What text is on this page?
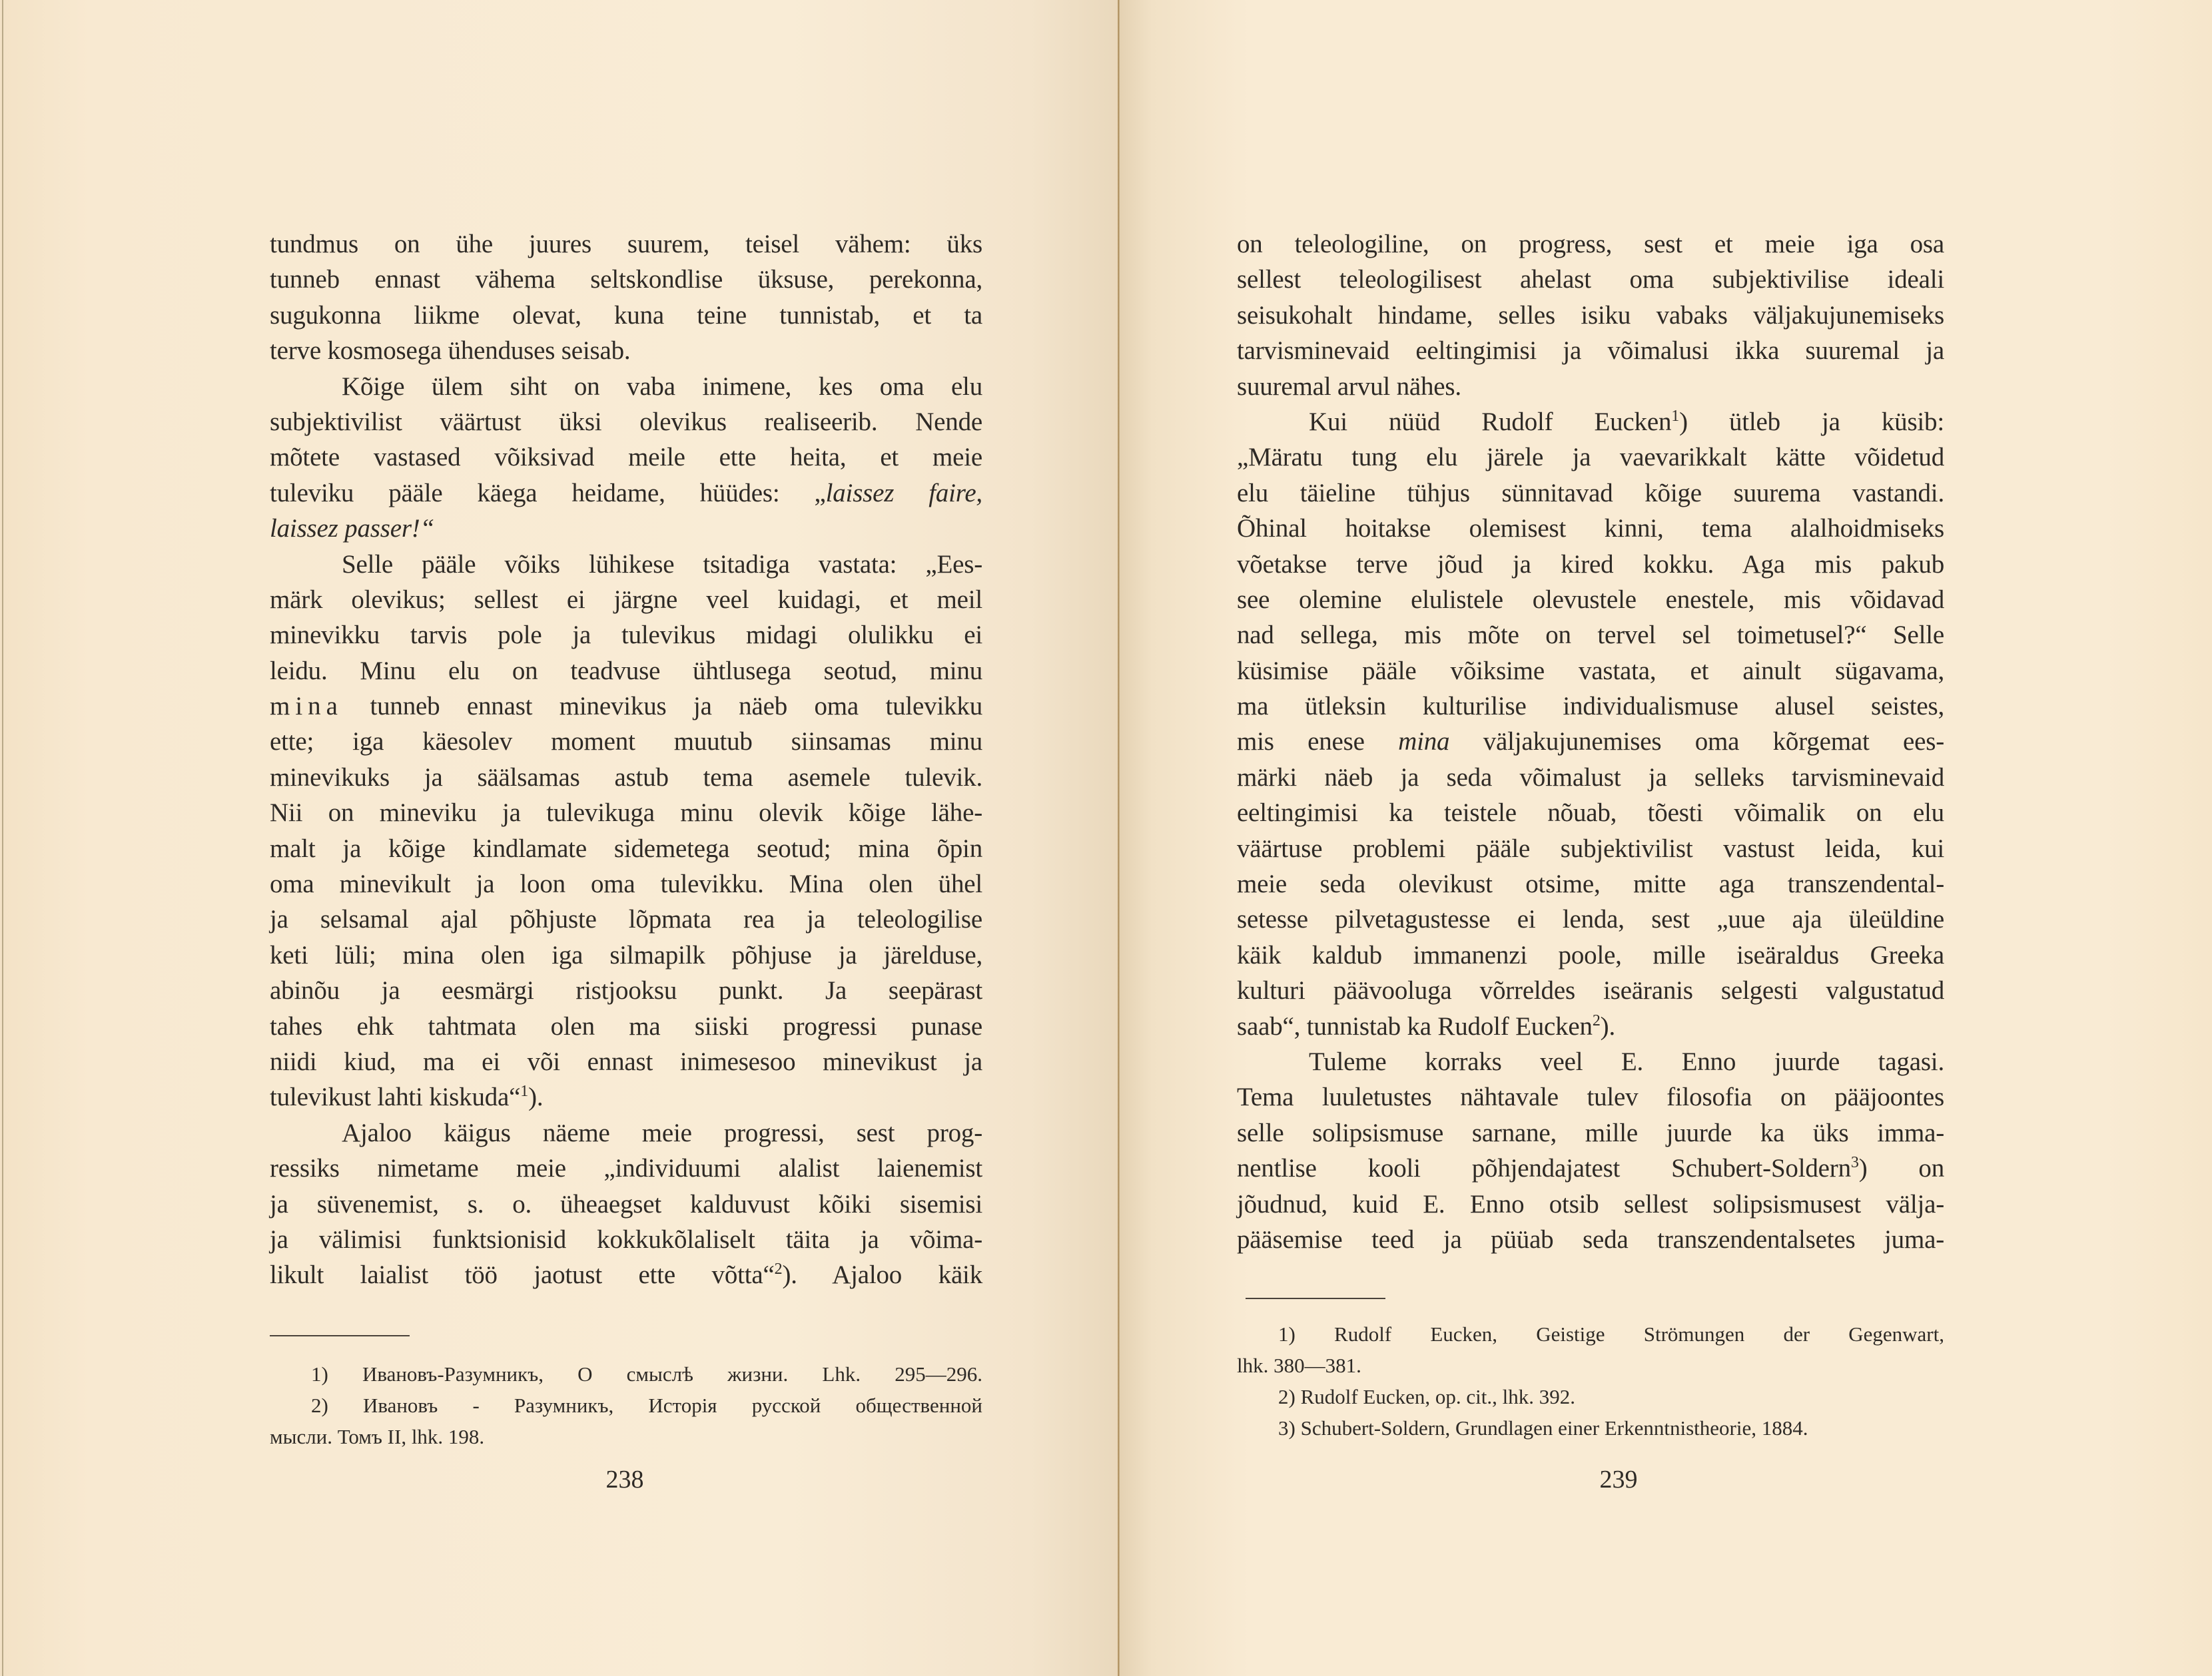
tundmus on ühe juures suurem, teisel vähem: üks
tunneb ennast vähema seltskondlise üksuse, perekonna,
sugukonna liikme olevat, kuna teine tunnistab, et ta
terve kosmosega ühenduses seisab.
Kõige ülem siht on vaba inimene, kes oma elu
subjektivilist väärtust üksi olevikus realiseerib. Nende
mõtete vastased võiksivad meile ette heita, et meie
tuleviku pääle käega heidame, hüüdes: „laissez faire,
laissez passer!“
Selle pääle võiks lühikese tsitadiga vastata: „Ees-
märk olevikus; sellest ei järgne veel kuidagi, et meil
minevikku tarvis pole ja tulevikus midagi olulikku ei
leidu. Minu elu on teadvuse ühtlusega seotud, minu
mina tunneb ennast minevikus ja näeb oma tulevikku
ette; iga käesolev moment muutub siinsamas minu
minevikuks ja säälsamas astub tema asemele tulevik.
Nii on mineviku ja tulevikuga minu olevik kõige lähe-
malt ja kõige kindlamate sidemetega seotud; mina õpin
oma minevikult ja loon oma tulevikku. Mina olen ühel
ja selsamal ajal põhjuste lõpmata rea ja teleologilise
keti lüli; mina olen iga silmapilk põhjuse ja järelduse,
abinõu ja eesmärgi ristjooksu punkt. Ja seepärast
tahes ehk tahtmata olen ma siiski progressi punase
niidi kiud, ma ei või ennast inimesesoo minevikust ja
tulevikust lahti kiskuda“$^1$).
Ajaloo käigus näeme meie progressi, sest prog-
ressiks nimetame meie „individuumi alalist laienemist
ja süvenemist, s. o. üheaegset kalduvust kõiki sisemisi
ja välimisi funktsionisid kokkukõlaliselt täita ja võima-
likult laialist töö jaotust ette võtta“$^2$). Ajaloo käik
1) Ивановъ-Разумникъ, О смыслѣ жизни. Lhk. 295—296.
2) Ивановъ - Разумникъ, Исторія русской общественной
мысли. Томъ II, lhk. 198.
238
on teleologiline, on progress, sest et meie iga osa
sellest teleologilisest ahelast oma subjektivilise ideali
seisukohalt hindame, selles isiku vabaks väljakujunemiseks
tarvisminevaid eeltingimisi ja võimalusi ikka suuremal ja
suuremal arvul nähes.
Kui nüüd Rudolf Eucken$^1$) ütleb ja küsib:
„Märatu tung elu järele ja vaevarikkalt kätte võidetud
elu täieline tühjus sünnitavad kõige suurema vastandi.
Õhinal hoitakse olemisest kinni, tema alalhoidmiseks
võetakse terve jõud ja kired kokku. Aga mis pakub
see olemine elulistele olevustele enestele, mis võidavad
nad sellega, mis mõte on tervel sel toimetusel?“ Selle
küsimise pääle võiksime vastata, et ainult sügavama,
ma ütleksin kulturilise individualismuse alusel seistes,
mis enese mina väljakujunemises oma kõrgemat ees-
märki näeb ja seda võimalust ja selleks tarvisminevaid
eeltingimisi ka teistele nõuab, tõesti võimalik on elu
väärtuse problemi pääle subjektivilist vastust leida, kui
meie seda olevikust otsime, mitte aga transzendental-
setesse pilvetagustesse ei lenda, sest „uue aja üleüldine
käik kaldub immanenzi poole, mille iseäraldus Greeka
kulturi päävooluga võrreldes iseäranis selgesti valgustatud
saab“, tunnistab ka Rudolf Eucken$^2$).
Tuleme korraks veel E. Enno juurde tagasi.
Tema luuletustes nähtavale tulev filosofia on pääjoontes
selle solipsismuse sarnane, mille juurde ka üks imma-
nentlise kooli põhjendajatest Schubert-Soldern$^3$) on
jõudnud, kuid E. Enno otsib sellest solipsismusest välja-
pääsemise teed ja püüab seda transzendentalsetes juma-
1) Rudolf Eucken, Geistige Strömungen der Gegenwart,
lhk. 380—381.
2) Rudolf Eucken, op. cit., lhk. 392.
3) Schubert-Soldern, Grundlagen einer Erkenntnistheorie, 1884.
239
